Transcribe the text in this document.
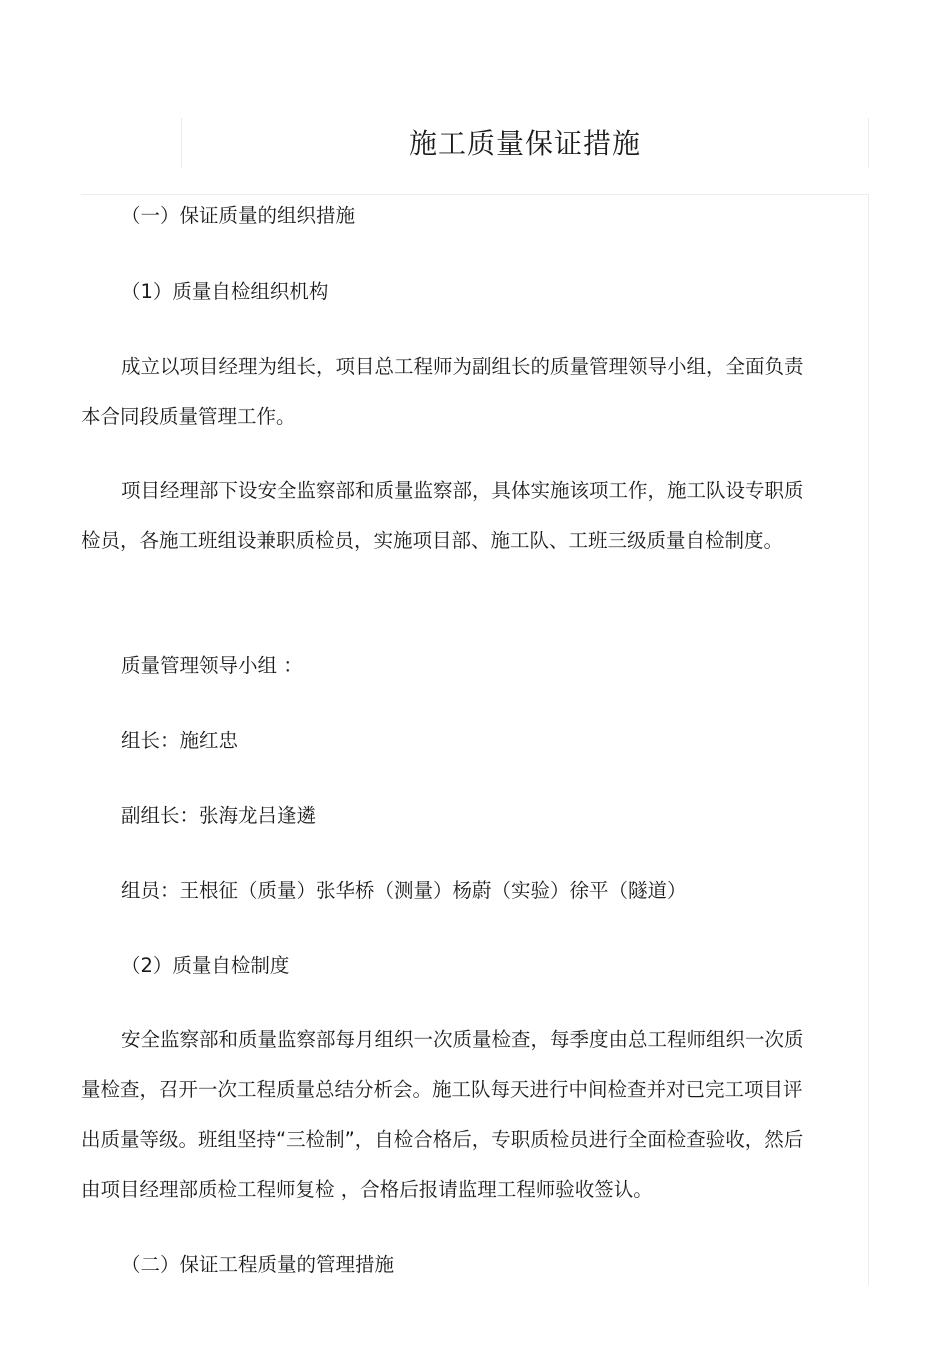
施工质量保证措施

（一）保证质量的组织措施

（1）质量自检组织机构

成立以项目经理为组长，项目总工程师为副组长的质量管理领导小组，全面负责本合同段质量管理工作。

项目经理部下设安全监察部和质量监察部，具体实施该项工作，施工队设专职质检员，各施工班组设兼职质检员，实施项目部、施工队、工班三级质量自检制度。

质量管理领导小组 ：

组长：施红忠

副组长：张海龙吕逢遴

组员：王根征（质量）张华桥（测量）杨蔚（实验）徐平（隧道）

（2）质量自检制度

安全监察部和质量监察部每月组织一次质量检查，每季度由总工程师组织一次质量检查，召开一次工程质量总结分析会。施工队每天进行中间检查并对已完工项目评出质量等级。班组坚持“三检制”，自检合格后，专职质检员进行全面检查验收，然后由项目经理部质检工程师复检 ，合格后报请监理工程师验收签认。

（二）保证工程质量的管理措施
